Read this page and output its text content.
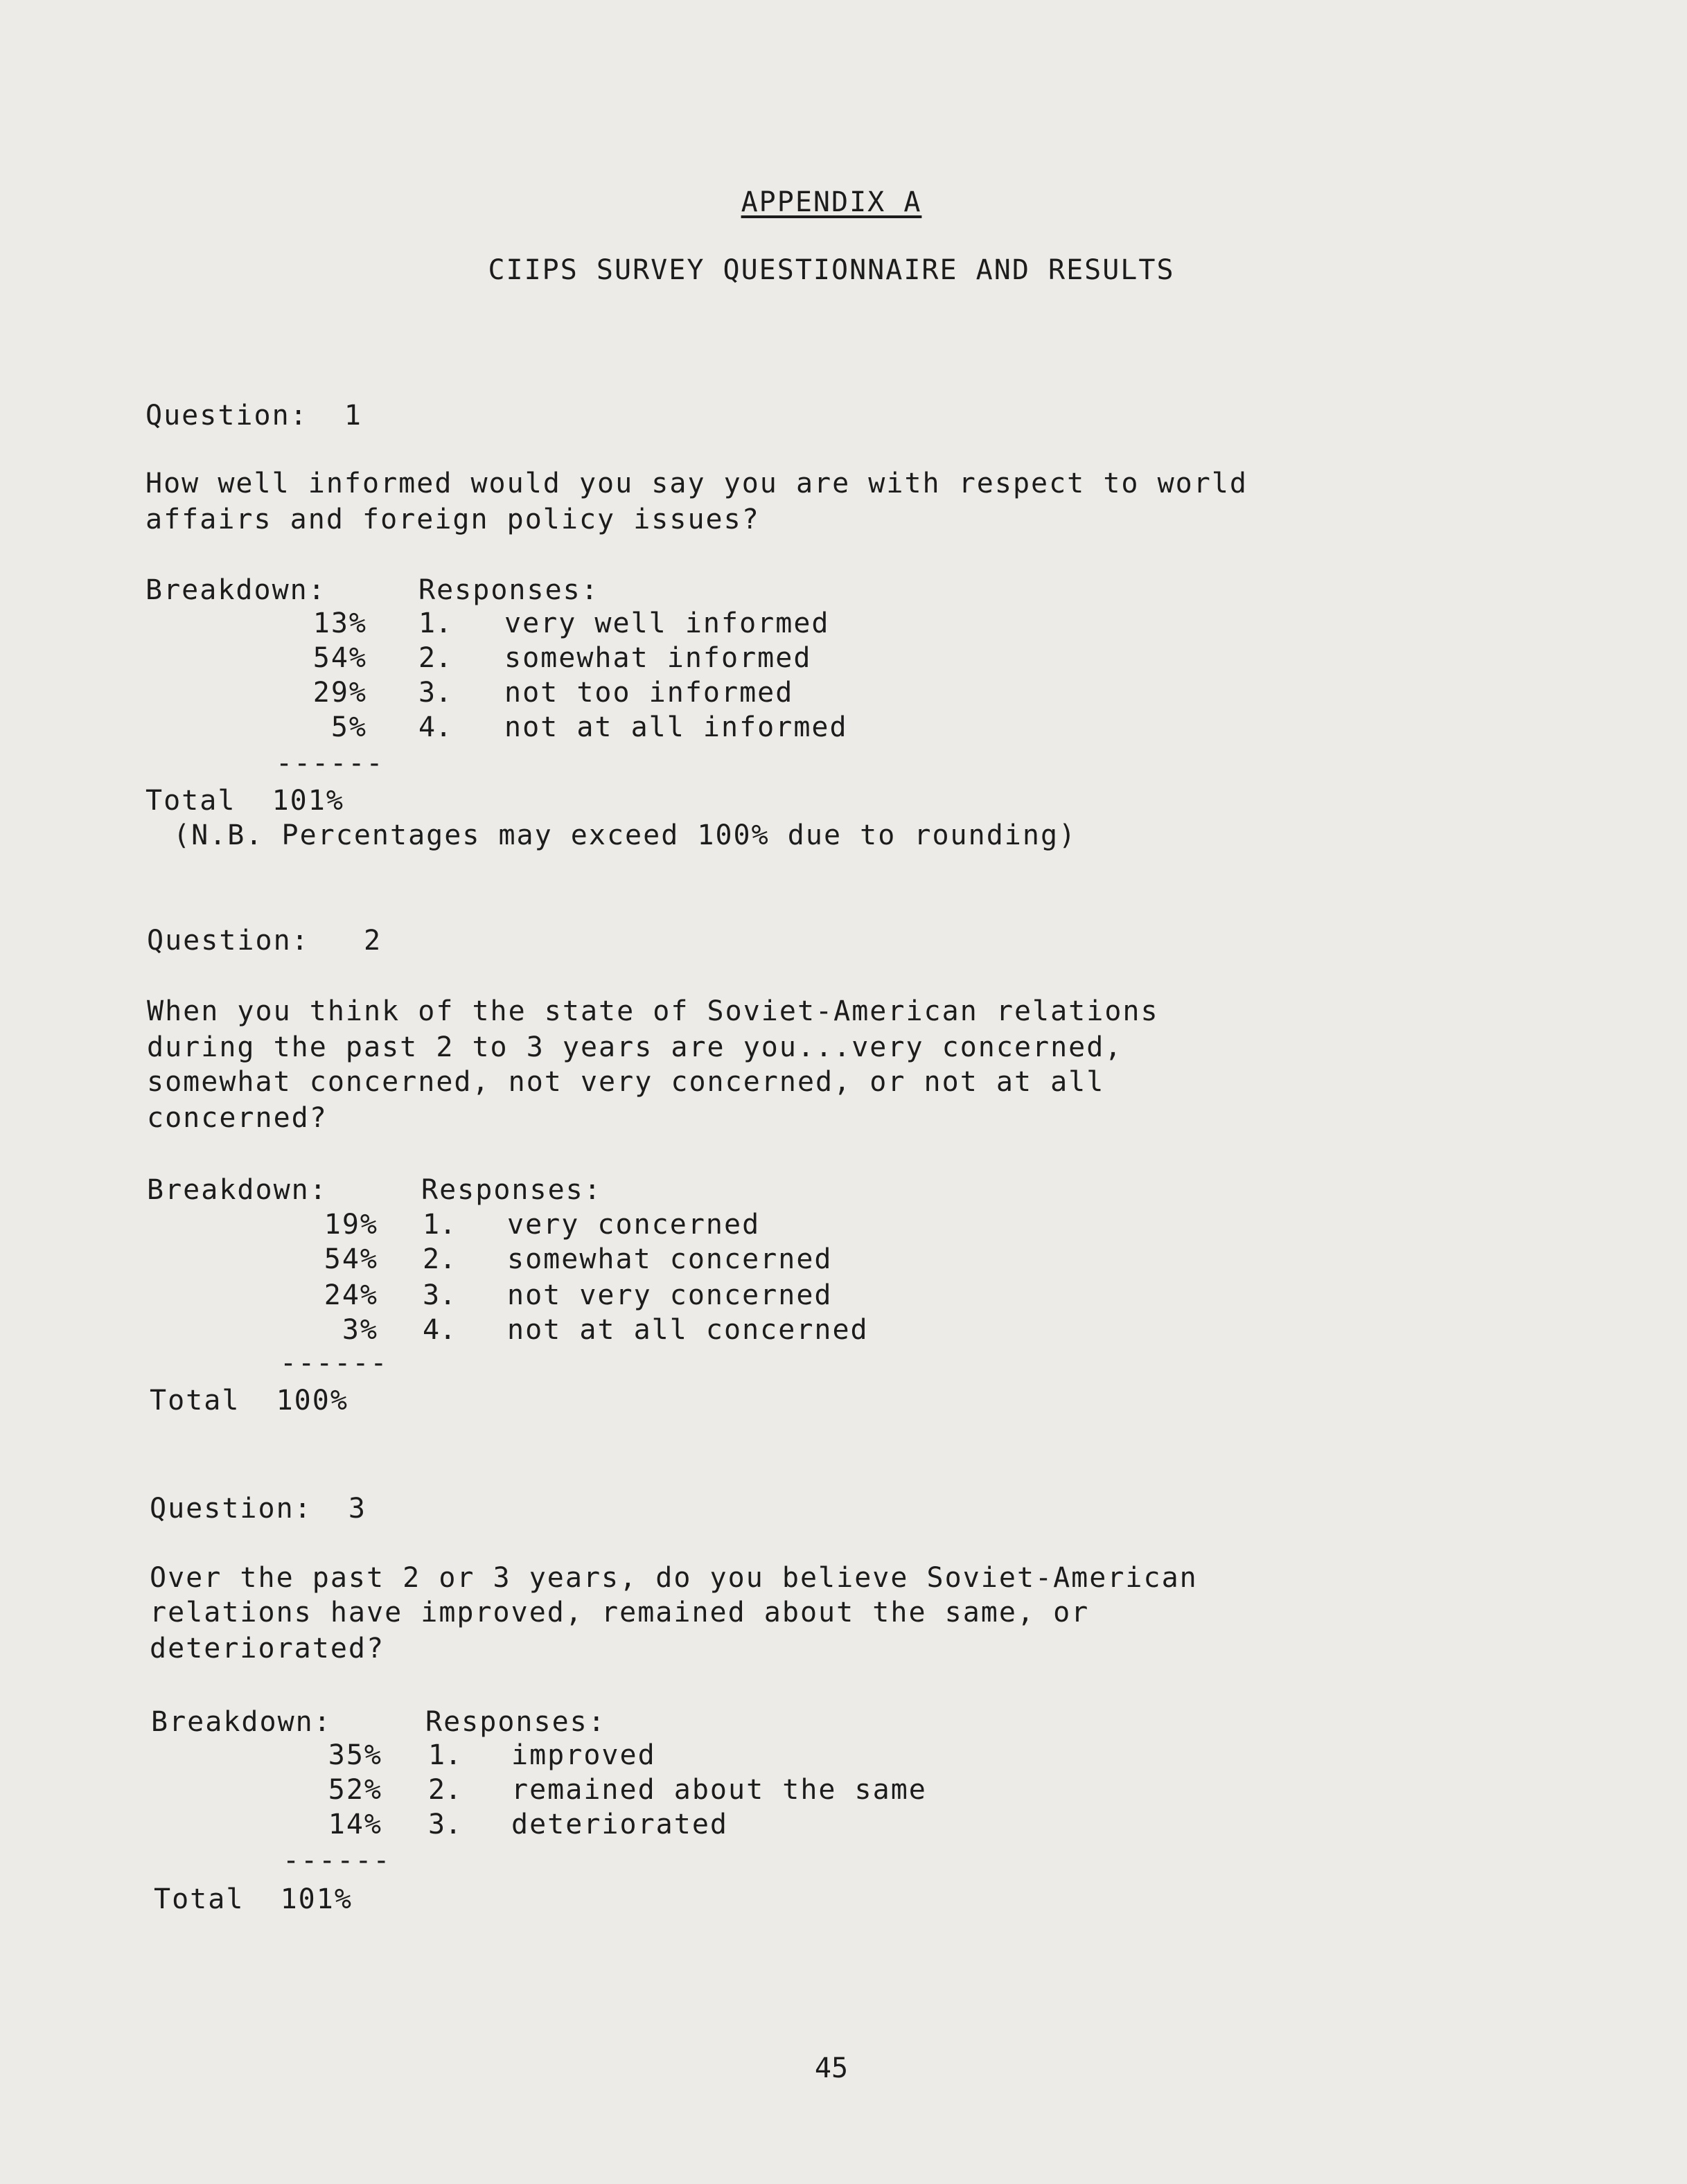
APPENDIX A
CIIPS SURVEY QUESTIONNAIRE AND RESULTS
Question:  1
How well informed would you say you are with respect to world
affairs and foreign policy issues?
Breakdown:	Responses:
13% 1. very well informed
54% 2. somewhat informed
29% 3. not too informed
5% 4. not at all informed
------
Total  101%
(N.B. Percentages may exceed 100% due to rounding)
Question:   2
When you think of the state of Soviet-American relations
during the past 2 to 3 years are you...very concerned,
somewhat concerned, not very concerned, or not at all
concerned?
Breakdown:	Responses:
19% 1. very concerned
54% 2. somewhat concerned
24% 3. not very concerned
3% 4. not at all concerned
------
Total  100%
Question:  3
Over the past 2 or 3 years, do you believe Soviet-American
relations have improved, remained about the same, or
deteriorated?
Breakdown:	Responses:
35% 1. improved
52% 2. remained about the same
14% 3. deteriorated
------
Total  101%
45
